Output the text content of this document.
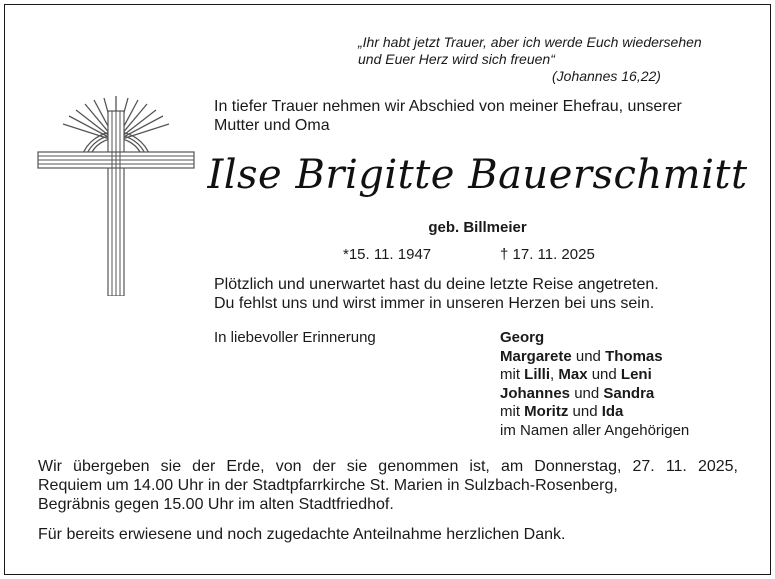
„Ihr habt jetzt Trauer, aber ich werde Euch wiedersehen
und Euer Herz wird sich freuen“

(Johannes 16,22)
In tiefer Trauer nehmen wir Abschied von meiner Ehefrau, unserer
Mutter und Oma
Ilse Brigitte Bauerschmitt
geb. Billmeier
*15. 11. 1947	† 17. 11. 2025
Plötzlich und unerwartet hast du deine letzte Reise angetreten.
Du fehlst uns und wirst immer in unseren Herzen bei uns sein.
In liebevoller Erinnerung	Georg
Margarete und Thomas
mit Lilli, Max und Leni
Johannes und Sandra
mit Moritz und Ida
im Namen aller Angehörigen
Wir übergeben sie der Erde, von der sie genommen ist, am Donnerstag, 27. 11. 2025,
Requiem um 14.00 Uhr in der Stadtpfarrkirche St. Marien in Sulzbach-Rosenberg,
Begräbnis gegen 15.00 Uhr im alten Stadtfriedhof.
Für bereits erwiesene und noch zugedachte Anteilnahme herzlichen Dank.
